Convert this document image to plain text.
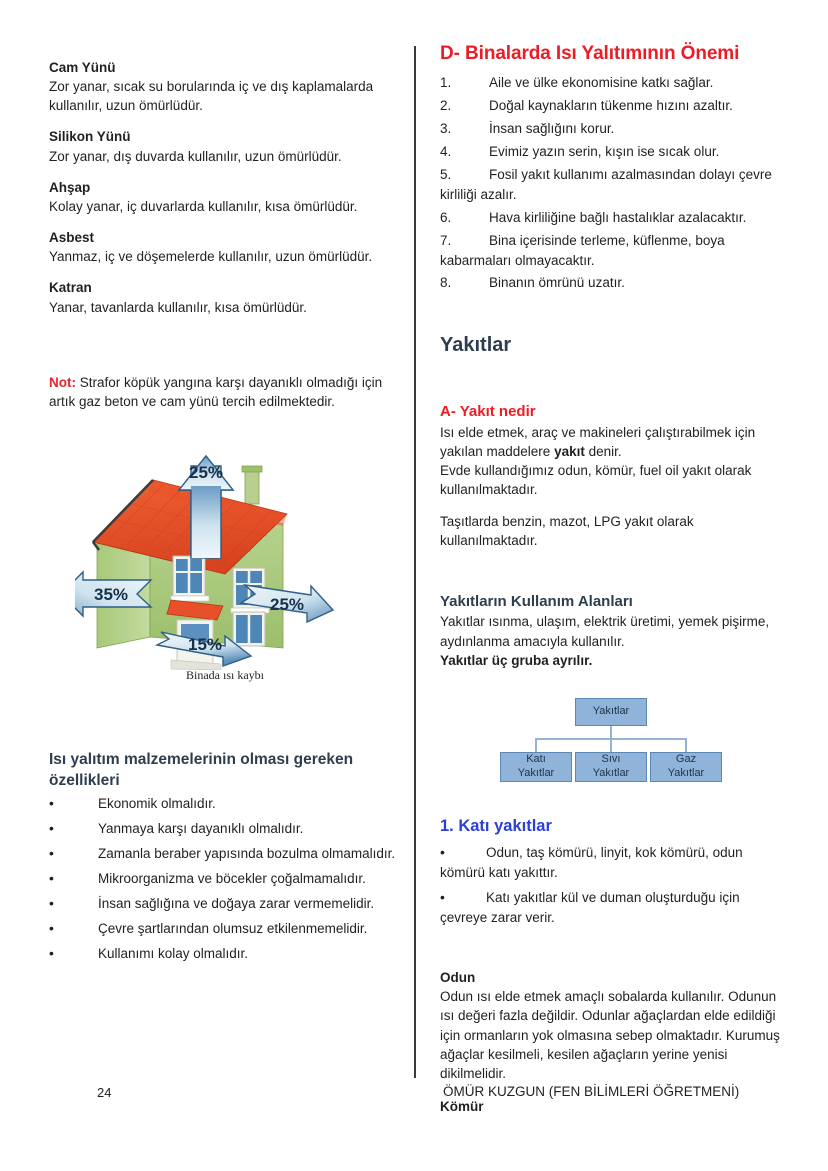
Cam Yünü

Zor yanar, sıcak su borularında iç ve dış kaplamalarda kullanılır, uzun ömürlüdür.

Silikon Yünü

Zor yanar, dış duvarda kullanılır, uzun ömürlüdür.

Ahşap

Kolay yanar, iç duvarlarda kullanılır, kısa ömürlüdür.

Asbest

Yanmaz, iç ve döşemelerde kullanılır, uzun ömürlüdür.

Katran

Yanar, tavanlarda kullanılır, kısa ömürlüdür.

Not: Strafor köpük yangına karşı dayanıklı olmadığı için artık gaz beton ve cam yünü tercih edilmektedir.

25%
35%
25%
15%
Binada ısı kaybı

Isı yalıtım malzemelerinin olması gereken özellikleri

•Ekonomik olmalıdır.
•Yanmaya karşı dayanıklı olmalıdır.
•Zamanla beraber yapısında bozulma olmamalıdır.
•Mikroorganizma ve böcekler çoğalmamalıdır.
•İnsan sağlığına ve doğaya zarar vermemelidir.
•Çevre şartlarından olumsuz etkilenmemelidir.
•Kullanımı kolay olmalıdır.

D- Binalarda Isı Yalıtımının Önemi

1.	Aile ve ülke ekonomisine katkı sağlar.
2.	Doğal kaynakların tükenme hızını azaltır.
3.	İnsan sağlığını korur.
4.	Evimiz yazın serin, kışın ise sıcak olur.
5.	Fosil yakıt kullanımı azalmasından dolayı çevre kirliliği azalır.
6.	Hava kirliliğine bağlı hastalıklar azalacaktır.
7.	Bina içerisinde terleme, küflenme, boya kabarmaları olmayacaktır.
8.	Binanın ömrünü uzatır.

Yakıtlar

A- Yakıt nedir

Isı elde etmek, araç ve makineleri çalıştırabilmek için yakılan maddelere yakıt denir.

Evde kullandığımız odun, kömür, fuel oil yakıt olarak kullanılmaktadır.

Taşıtlarda benzin, mazot, LPG yakıt olarak kullanılmaktadır.

Yakıtların Kullanım Alanları

Yakıtlar ısınma, ulaşım, elektrik üretimi, yemek pişirme, aydınlanma amacıyla kullanılır.

Yakıtlar üç gruba ayrılır.

Yakıtlar
Katı
Yakıtlar
Sıvı
Yakıtlar
Gaz
Yakıtlar

1. Katı yakıtlar

•Odun, taş kömürü, linyit, kok kömürü, odun kömürü katı yakıttır.
•Katı yakıtlar kül ve duman oluşturduğu için çevreye zarar verir.

Odun

Odun ısı elde etmek amaçlı sobalarda kullanılır. Odunun ısı değeri fazla değildir. Odunlar ağaçlardan elde edildiği için ormanların yok olmasına sebep olmaktadır. Kurumuş ağaçlar kesilmeli, kesilen ağaçların yerine yenisi dikilmelidir.

Kömür

24	ÖMÜR KUZGUN (FEN BİLİMLERİ ÖĞRETMENİ)
